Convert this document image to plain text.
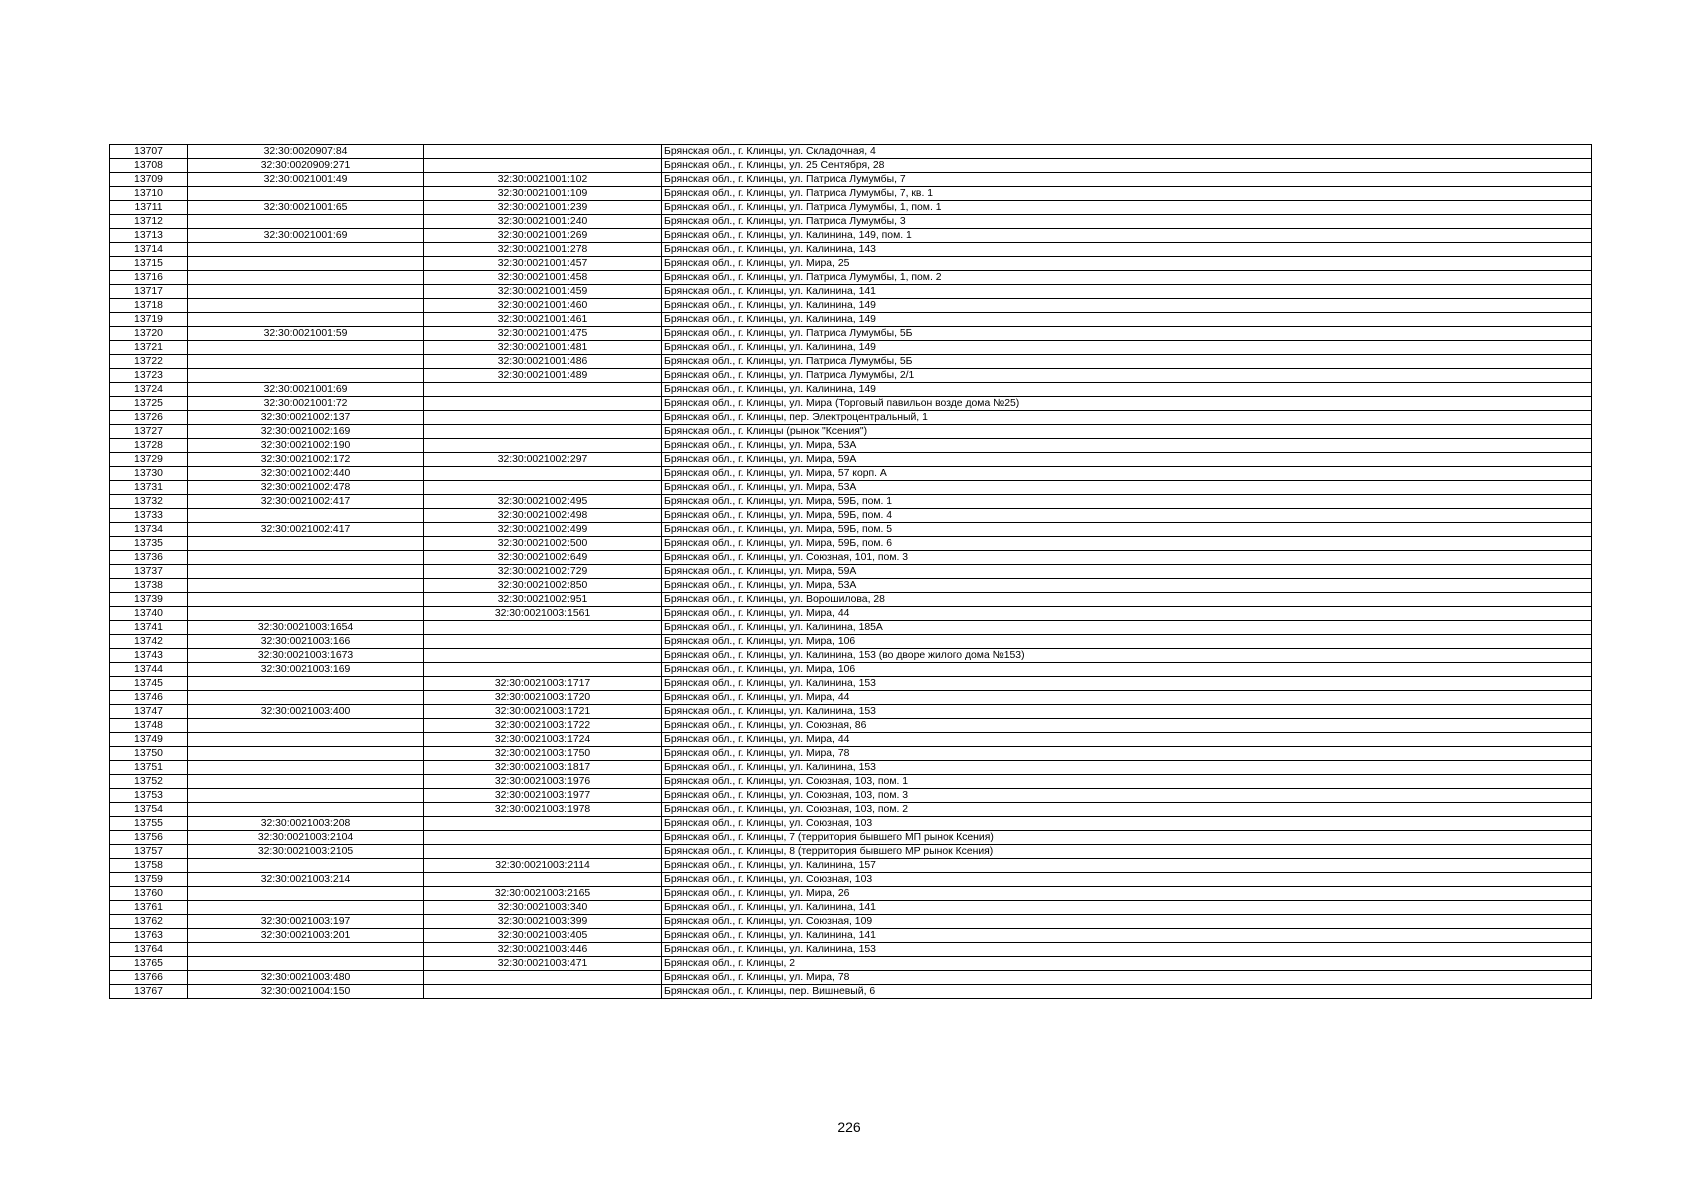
13707	32:30:0020907:84		Брянская обл., г. Клинцы, ул. Складочная, 4
13708	32:30:0020909:271		Брянская обл., г. Клинцы, ул. 25 Сентября, 28
13709	32:30:0021001:49	32:30:0021001:102	Брянская обл., г. Клинцы, ул. Патриса Лумумбы, 7
13710		32:30:0021001:109	Брянская обл., г. Клинцы, ул. Патриса Лумумбы, 7, кв. 1
13711	32:30:0021001:65	32:30:0021001:239	Брянская обл., г. Клинцы, ул. Патриса Лумумбы, 1, пом. 1
13712		32:30:0021001:240	Брянская обл., г. Клинцы, ул. Патриса Лумумбы, 3
13713	32:30:0021001:69	32:30:0021001:269	Брянская обл., г. Клинцы, ул. Калинина, 149, пом. 1
13714		32:30:0021001:278	Брянская обл., г. Клинцы, ул. Калинина, 143
13715		32:30:0021001:457	Брянская обл., г. Клинцы, ул. Мира, 25
13716		32:30:0021001:458	Брянская обл., г. Клинцы, ул. Патриса Лумумбы, 1, пом. 2
13717		32:30:0021001:459	Брянская обл., г. Клинцы, ул. Калинина, 141
13718		32:30:0021001:460	Брянская обл., г. Клинцы, ул. Калинина, 149
13719		32:30:0021001:461	Брянская обл., г. Клинцы, ул. Калинина, 149
13720	32:30:0021001:59	32:30:0021001:475	Брянская обл., г. Клинцы, ул. Патриса Лумумбы, 5Б
13721		32:30:0021001:481	Брянская обл., г. Клинцы, ул. Калинина, 149
13722		32:30:0021001:486	Брянская обл., г. Клинцы, ул. Патриса Лумумбы, 5Б
13723		32:30:0021001:489	Брянская обл., г. Клинцы, ул. Патриса Лумумбы, 2/1
13724	32:30:0021001:69		Брянская обл., г. Клинцы, ул. Калинина, 149
13725	32:30:0021001:72		Брянская обл., г. Клинцы, ул. Мира (Торговый павильон возде дома №25)
13726	32:30:0021002:137		Брянская обл., г. Клинцы, пер. Электроцентральный, 1
13727	32:30:0021002:169		Брянская обл., г. Клинцы (рынок "Ксения")
13728	32:30:0021002:190		Брянская обл., г. Клинцы, ул. Мира, 53А
13729	32:30:0021002:172	32:30:0021002:297	Брянская обл., г. Клинцы, ул. Мира, 59А
13730	32:30:0021002:440		Брянская обл., г. Клинцы, ул. Мира, 57 корп. А
13731	32:30:0021002:478		Брянская обл., г. Клинцы, ул. Мира, 53А
13732	32:30:0021002:417	32:30:0021002:495	Брянская обл., г. Клинцы, ул. Мира, 59Б, пом. 1
13733		32:30:0021002:498	Брянская обл., г. Клинцы, ул. Мира, 59Б, пом. 4
13734	32:30:0021002:417	32:30:0021002:499	Брянская обл., г. Клинцы, ул. Мира, 59Б, пом. 5
13735		32:30:0021002:500	Брянская обл., г. Клинцы, ул. Мира, 59Б, пом. 6
13736		32:30:0021002:649	Брянская обл., г. Клинцы, ул. Союзная, 101, пом. 3
13737		32:30:0021002:729	Брянская обл., г. Клинцы, ул. Мира, 59А
13738		32:30:0021002:850	Брянская обл., г. Клинцы, ул. Мира, 53А
13739		32:30:0021002:951	Брянская обл., г. Клинцы, ул. Ворошилова, 28
13740		32:30:0021003:1561	Брянская обл., г. Клинцы, ул. Мира, 44
13741	32:30:0021003:1654		Брянская обл., г. Клинцы, ул. Калинина, 185А
13742	32:30:0021003:166		Брянская обл., г. Клинцы, ул. Мира, 106
13743	32:30:0021003:1673		Брянская обл., г. Клинцы, ул. Калинина, 153 (во дворе жилого дома №153)
13744	32:30:0021003:169		Брянская обл., г. Клинцы, ул. Мира, 106
13745		32:30:0021003:1717	Брянская обл., г. Клинцы, ул. Калинина, 153
13746		32:30:0021003:1720	Брянская обл., г. Клинцы, ул. Мира, 44
13747	32:30:0021003:400	32:30:0021003:1721	Брянская обл., г. Клинцы, ул. Калинина, 153
13748		32:30:0021003:1722	Брянская обл., г. Клинцы, ул. Союзная, 86
13749		32:30:0021003:1724	Брянская обл., г. Клинцы, ул. Мира, 44
13750		32:30:0021003:1750	Брянская обл., г. Клинцы, ул. Мира, 78
13751		32:30:0021003:1817	Брянская обл., г. Клинцы, ул. Калинина, 153
13752		32:30:0021003:1976	Брянская обл., г. Клинцы, ул. Союзная, 103, пом. 1
13753		32:30:0021003:1977	Брянская обл., г. Клинцы, ул. Союзная, 103, пом. 3
13754		32:30:0021003:1978	Брянская обл., г. Клинцы, ул. Союзная, 103, пом. 2
13755	32:30:0021003:208		Брянская обл., г. Клинцы, ул. Союзная, 103
13756	32:30:0021003:2104		Брянская обл., г. Клинцы, 7 (территория бывшего МП рынок Ксения)
13757	32:30:0021003:2105		Брянская обл., г. Клинцы, 8 (территория бывшего МР рынок Ксения)
13758		32:30:0021003:2114	Брянская обл., г. Клинцы, ул. Калинина, 157
13759	32:30:0021003:214		Брянская обл., г. Клинцы, ул. Союзная, 103
13760		32:30:0021003:2165	Брянская обл., г. Клинцы, ул. Мира, 26
13761		32:30:0021003:340	Брянская обл., г. Клинцы, ул. Калинина, 141
13762	32:30:0021003:197	32:30:0021003:399	Брянская обл., г. Клинцы, ул. Союзная, 109
13763	32:30:0021003:201	32:30:0021003:405	Брянская обл., г. Клинцы, ул. Калинина, 141
13764		32:30:0021003:446	Брянская обл., г. Клинцы, ул. Калинина, 153
13765		32:30:0021003:471	Брянская обл., г. Клинцы, 2
13766	32:30:0021003:480		Брянская обл., г. Клинцы, ул. Мира, 78
13767	32:30:0021004:150		Брянская обл., г. Клинцы, пер. Вишневый, 6
226
